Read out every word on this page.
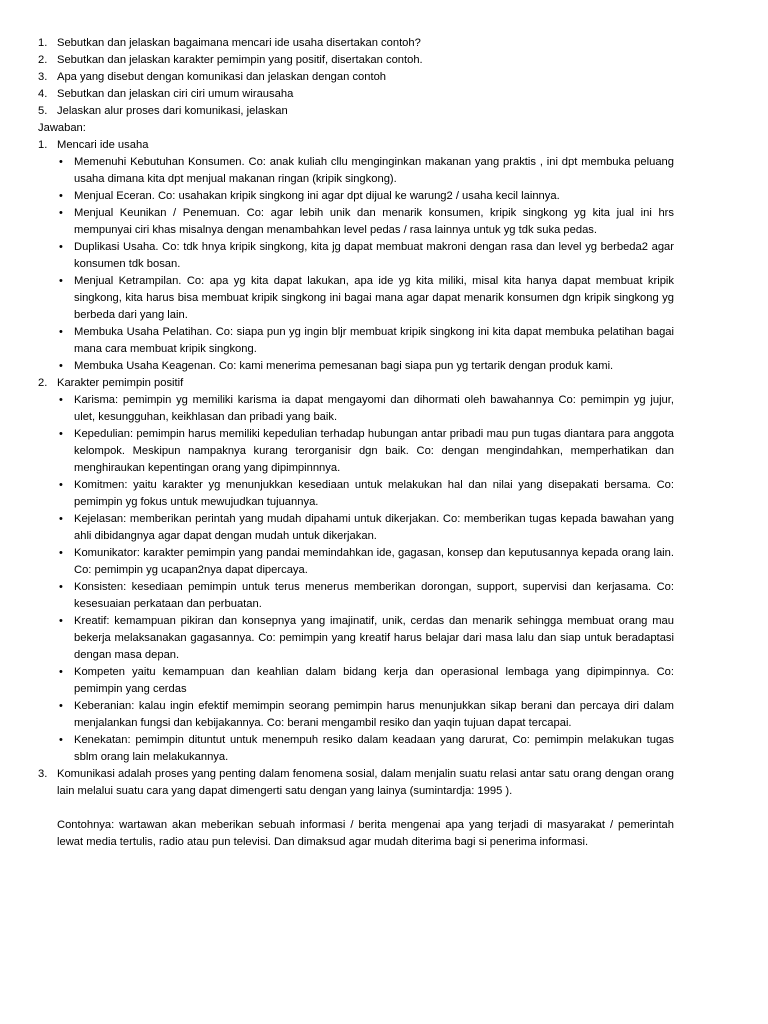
1. Sebutkan dan jelaskan bagaimana mencari ide usaha disertakan contoh?
2. Sebutkan dan jelaskan karakter pemimpin yang positif, disertakan contoh.
3. Apa yang disebut dengan komunikasi dan jelaskan dengan contoh
4. Sebutkan dan jelaskan ciri ciri umum wirausaha
5. Jelaskan alur proses dari komunikasi, jelaskan
Jawaban:
1. Mencari ide usaha
• Memenuhi Kebutuhan Konsumen. Co: anak kuliah cllu menginginkan makanan yang praktis , ini dpt membuka peluang usaha dimana kita dpt menjual makanan ringan (kripik singkong).
• Menjual Eceran. Co: usahakan kripik singkong ini agar dpt dijual ke warung2 / usaha kecil lainnya.
• Menjual Keunikan / Penemuan. Co: agar lebih unik dan menarik konsumen, kripik singkong yg kita jual ini hrs mempunyai ciri khas misalnya dengan menambahkan level pedas / rasa lainnya untuk yg tdk suka pedas.
• Duplikasi Usaha. Co: tdk hnya kripik singkong, kita jg dapat membuat makroni dengan rasa dan level yg berbeda2 agar konsumen tdk bosan.
• Menjual Ketrampilan. Co: apa yg kita dapat lakukan, apa ide yg kita miliki, misal kita hanya dapat membuat kripik singkong, kita harus bisa membuat kripik singkong ini bagai mana agar dapat menarik konsumen dgn kripik singkong yg berbeda dari yang lain.
• Membuka Usaha Pelatihan. Co: siapa pun yg ingin bljr membuat kripik singkong ini kita dapat membuka pelatihan bagai mana cara membuat kripik singkong.
• Membuka Usaha Keagenan. Co: kami menerima pemesanan bagi siapa pun yg tertarik dengan produk kami.
2. Karakter pemimpin positif
• Karisma: pemimpin yg memiliki karisma ia dapat mengayomi dan dihormati oleh bawahannya Co: pemimpin yg jujur, ulet, kesungguhan, keikhlasan dan pribadi yang baik.
• Kepedulian: pemimpin harus memiliki kepedulian terhadap hubungan antar pribadi mau pun tugas diantara para anggota kelompok. Meskipun nampaknya kurang terorganisir dgn baik. Co: dengan mengindahkan, memperhatikan dan menghiraukan kepentingan orang yang dipimpinnnya.
• Komitmen: yaitu karakter yg menunjukkan kesediaan untuk melakukan hal dan nilai yang disepakati bersama. Co: pemimpin yg fokus untuk mewujudkan tujuannya.
• Kejelasan: memberikan perintah yang mudah dipahami untuk dikerjakan. Co: memberikan tugas kepada bawahan yang ahli dibidangnya agar dapat dengan mudah untuk dikerjakan.
• Komunikator: karakter pemimpin yang pandai memindahkan ide, gagasan, konsep dan keputusannya kepada orang lain. Co: pemimpin yg ucapan2nya dapat dipercaya.
• Konsisten: kesediaan pemimpin untuk terus menerus memberikan dorongan, support, supervisi dan kerjasama. Co: kesesuaian perkataan dan perbuatan.
• Kreatif: kemampuan pikiran dan konsepnya yang imajinatif, unik, cerdas dan menarik sehingga membuat orang mau bekerja melaksanakan gagasannya. Co: pemimpin yang kreatif harus belajar dari masa lalu dan siap untuk beradaptasi dengan masa depan.
• Kompeten yaitu kemampuan dan keahlian dalam bidang kerja dan operasional lembaga yang dipimpinnya. Co: pemimpin yang cerdas
• Keberanian: kalau ingin efektif memimpin seorang pemimpin harus menunjukkan sikap berani dan percaya diri dalam menjalankan fungsi dan kebijakannya. Co: berani mengambil resiko dan yaqin tujuan dapat tercapai.
• Kenekatan: pemimpin dituntut untuk menempuh resiko dalam keadaan yang darurat, Co: pemimpin melakukan tugas sblm orang lain melakukannya.
3. Komunikasi adalah proses yang penting dalam fenomena sosial, dalam menjalin suatu relasi antar satu orang dengan orang lain melalui suatu cara yang dapat dimengerti satu dengan yang lainya (sumintardja: 1995 ).
Contohnya: wartawan akan meberikan sebuah informasi / berita mengenai apa yang terjadi di masyarakat / pemerintah lewat media tertulis, radio atau pun televisi. Dan dimaksud agar mudah diterima bagi si penerima informasi.
